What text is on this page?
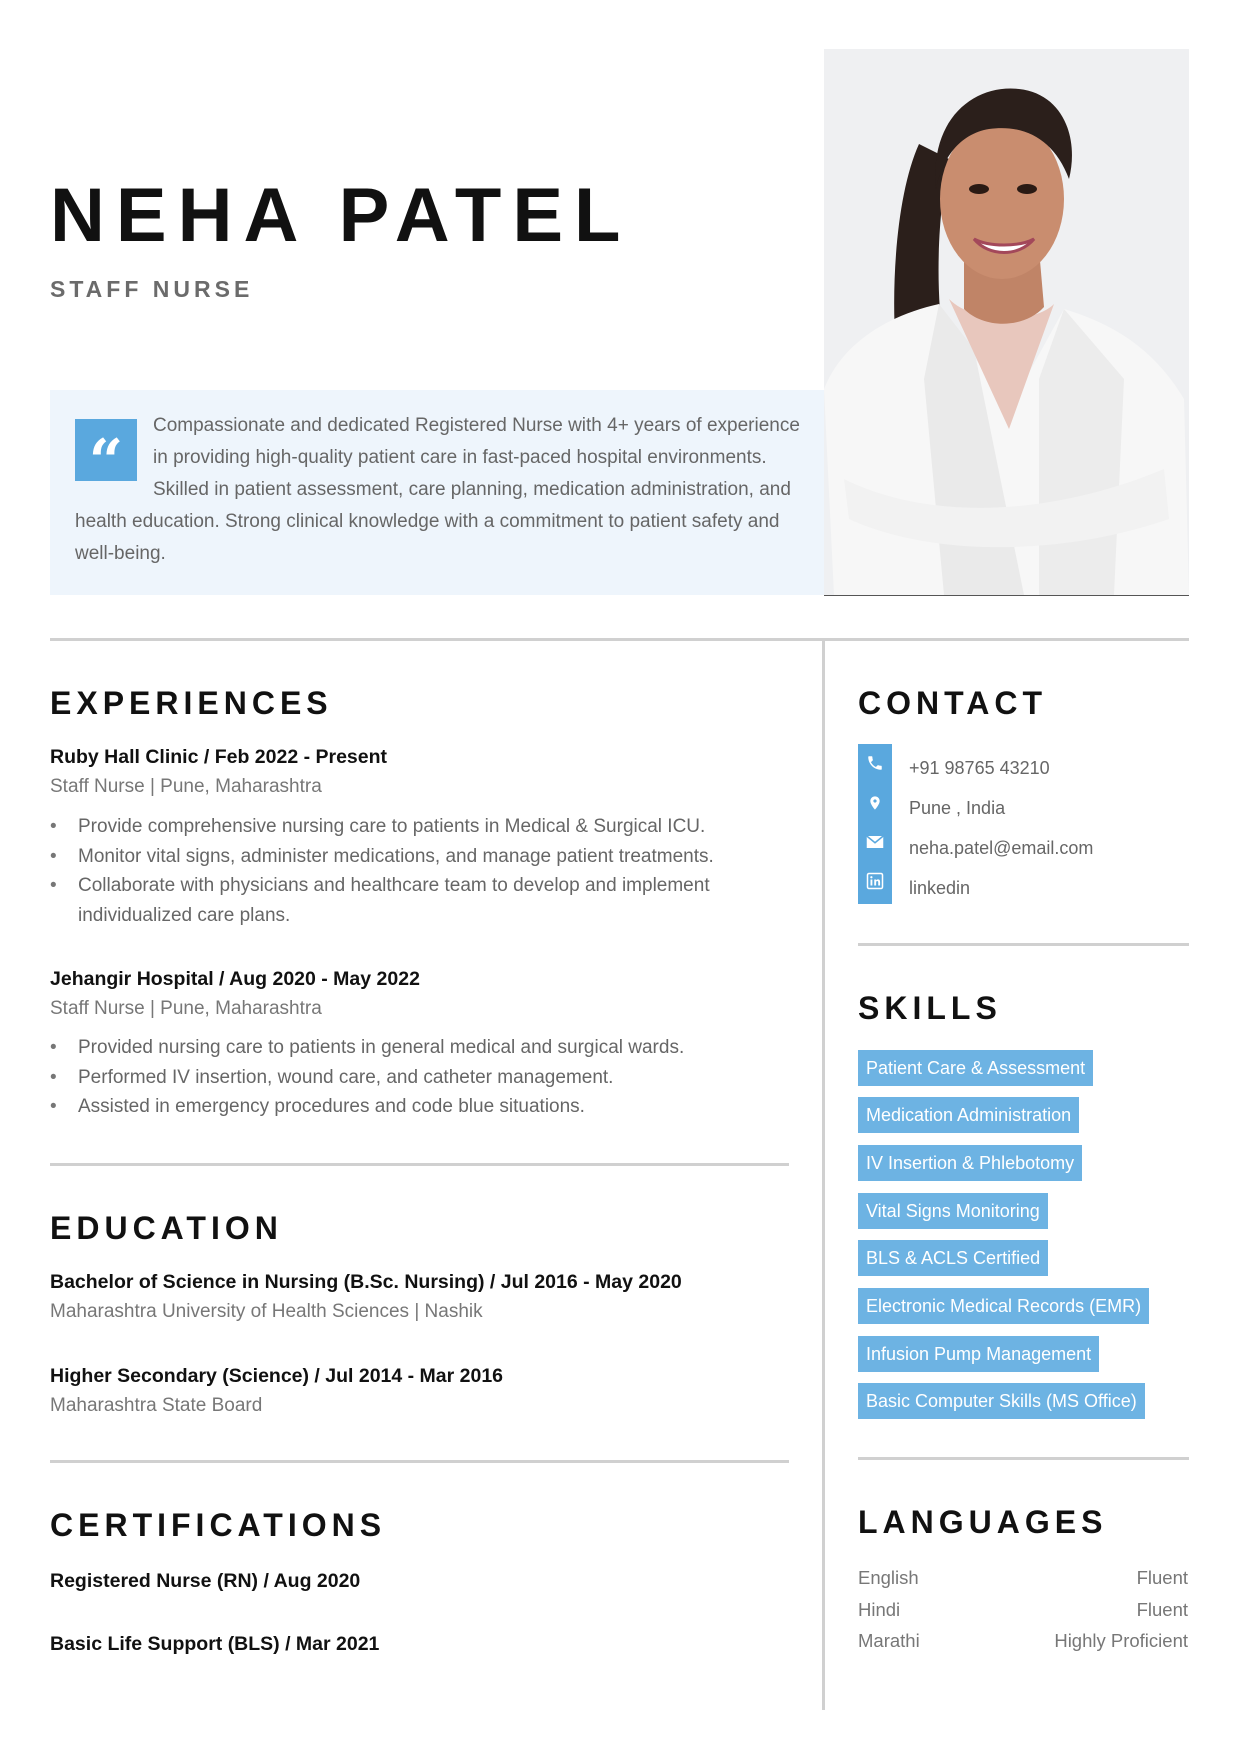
NEHA PATEL
STAFF NURSE
“
Compassionate and dedicated Registered Nurse with 4+ years of experience in providing high-quality patient care in fast-paced hospital environments. Skilled in patient assessment, care planning, medication administration, and health education. Strong clinical knowledge with a commitment to patient safety and well-being.
EXPERIENCES
Ruby Hall Clinic / Feb 2022 - Present
Staff Nurse | Pune, Maharashtra
• Provide comprehensive nursing care to patients in Medical & Surgical ICU.
• Monitor vital signs, administer medications, and manage patient treatments.
• Collaborate with physicians and healthcare team to develop and implement individualized care plans.
Jehangir Hospital / Aug 2020 - May 2022
Staff Nurse | Pune, Maharashtra
• Provided nursing care to patients in general medical and surgical wards.
• Performed IV insertion, wound care, and catheter management.
• Assisted in emergency procedures and code blue situations.
EDUCATION
Bachelor of Science in Nursing (B.Sc. Nursing) / Jul 2016 - May 2020
Maharashtra University of Health Sciences | Nashik
Higher Secondary (Science) / Jul 2014 - Mar 2016
Maharashtra State Board
CERTIFICATIONS
Registered Nurse (RN) / Aug 2020
Basic Life Support (BLS) / Mar 2021
CONTACT
+91 98765 43210
Pune , India
neha.patel@email.com
linkedin
SKILLS
Patient Care & Assessment
Medication Administration
IV Insertion & Phlebotomy
Vital Signs Monitoring
BLS & ACLS Certified
Electronic Medical Records (EMR)
Infusion Pump Management
Basic Computer Skills (MS Office)
LANGUAGES
English	Fluent
Hindi	Fluent
Marathi	Highly Proficient
